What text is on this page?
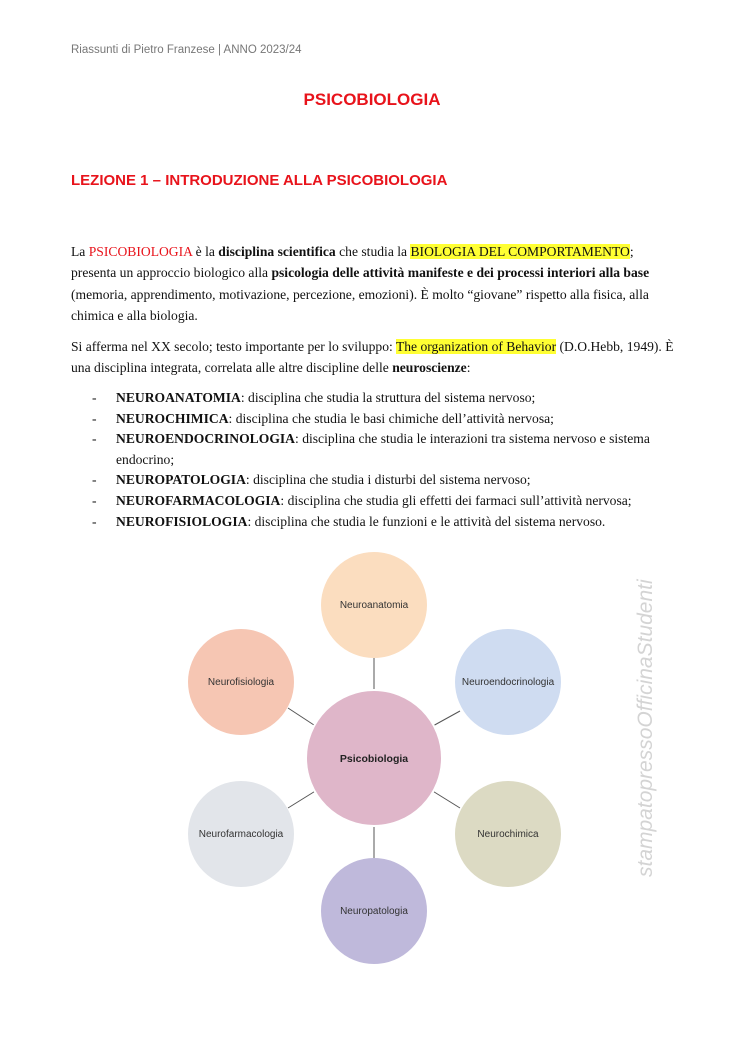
Riassunti di Pietro Franzese | ANNO 2023/24
PSICOBIOLOGIA
LEZIONE 1 – INTRODUZIONE ALLA PSICOBIOLOGIA
La PSICOBIOLOGIA è la disciplina scientifica che studia la BIOLOGIA DEL COMPORTAMENTO; presenta un approccio biologico alla psicologia delle attività manifeste e dei processi interiori alla base (memoria, apprendimento, motivazione, percezione, emozioni). È molto “giovane” rispetto alla fisica, alla chimica e alla biologia.
Si afferma nel XX secolo; testo importante per lo sviluppo: The organization of Behavior (D.O.Hebb, 1949). È una disciplina integrata, correlata alle altre discipline delle neuroscienze:
- NEUROANATOMIA: disciplina che studia la struttura del sistema nervoso;
- NEUROCHIMICA: disciplina che studia le basi chimiche dell’attività nervosa;
- NEUROENDOCRINOLOGIA: disciplina che studia le interazioni tra sistema nervoso e sistema endocrino;
- NEUROPATOLOGIA: disciplina che studia i disturbi del sistema nervoso;
- NEUROFARMACOLOGIA: disciplina che studia gli effetti dei farmaci sull’attività nervosa;
- NEUROFISIOLOGIA: disciplina che studia le funzioni e le attività del sistema nervoso.
Neuroanatomia
Neuroendocrinologia
Neurochimica
Neuropatologia
Neurofarmacologia
Neurofisiologia
Psicobiologia	stampatopressoOfficinaStudenti
